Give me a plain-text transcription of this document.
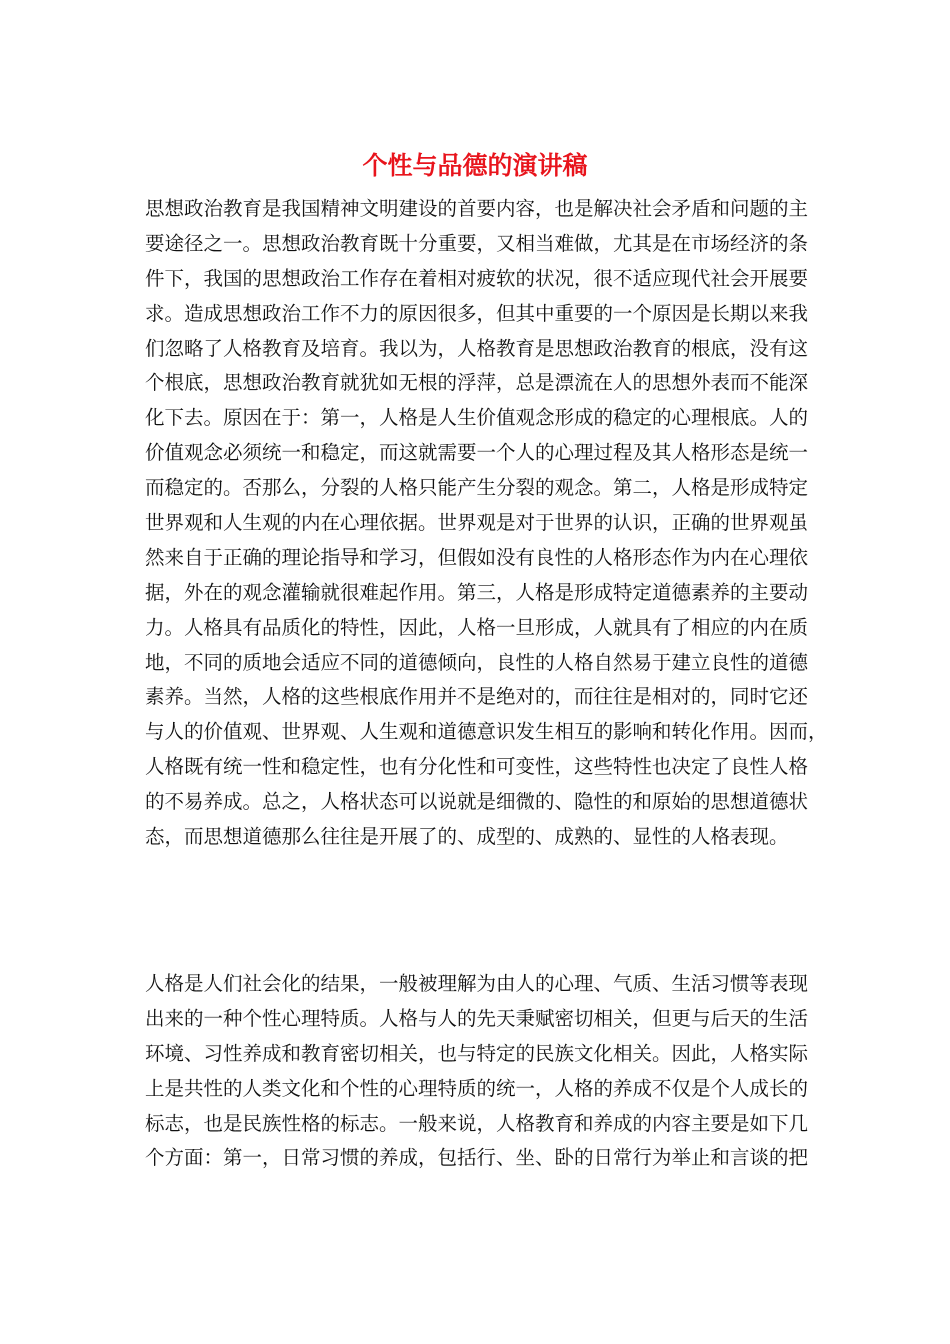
个性与品德的演讲稿
思想政治教育是我国精神文明建设的首要内容，也是解决社会矛盾和问题的主
要途径之一。思想政治教育既十分重要，又相当难做，尤其是在市场经济的条
件下，我国的思想政治工作存在着相对疲软的状况，很不适应现代社会开展要
求。造成思想政治工作不力的原因很多，但其中重要的一个原因是长期以来我
们忽略了人格教育及培育。我以为，人格教育是思想政治教育的根底，没有这
个根底，思想政治教育就犹如无根的浮萍，总是漂流在人的思想外表而不能深
化下去。原因在于：第一，人格是人生价值观念形成的稳定的心理根底。人的
价值观念必须统一和稳定，而这就需要一个人的心理过程及其人格形态是统一
而稳定的。否那么，分裂的人格只能产生分裂的观念。第二，人格是形成特定
世界观和人生观的内在心理依据。世界观是对于世界的认识，正确的世界观虽
然来自于正确的理论指导和学习，但假如没有良性的人格形态作为内在心理依
据，外在的观念灌输就很难起作用。第三，人格是形成特定道德素养的主要动
力。人格具有品质化的特性，因此，人格一旦形成，人就具有了相应的内在质
地，不同的质地会适应不同的道德倾向，良性的人格自然易于建立良性的道德
素养。当然，人格的这些根底作用并不是绝对的，而往往是相对的，同时它还
与人的价值观、世界观、人生观和道德意识发生相互的影响和转化作用。因而，
人格既有统一性和稳定性，也有分化性和可变性，这些特性也决定了良性人格
的不易养成。总之，人格状态可以说就是细微的、隐性的和原始的思想道德状
态，而思想道德那么往往是开展了的、成型的、成熟的、显性的人格表现。
人格是人们社会化的结果，一般被理解为由人的心理、气质、生活习惯等表现
出来的一种个性心理特质。人格与人的先天秉赋密切相关，但更与后天的生活
环境、习性养成和教育密切相关，也与特定的民族文化相关。因此，人格实际
上是共性的人类文化和个性的心理特质的统一，人格的养成不仅是个人成长的
标志，也是民族性格的标志。一般来说，人格教育和养成的内容主要是如下几
个方面：第一，日常习惯的养成，包括行、坐、卧的日常行为举止和言谈的把
